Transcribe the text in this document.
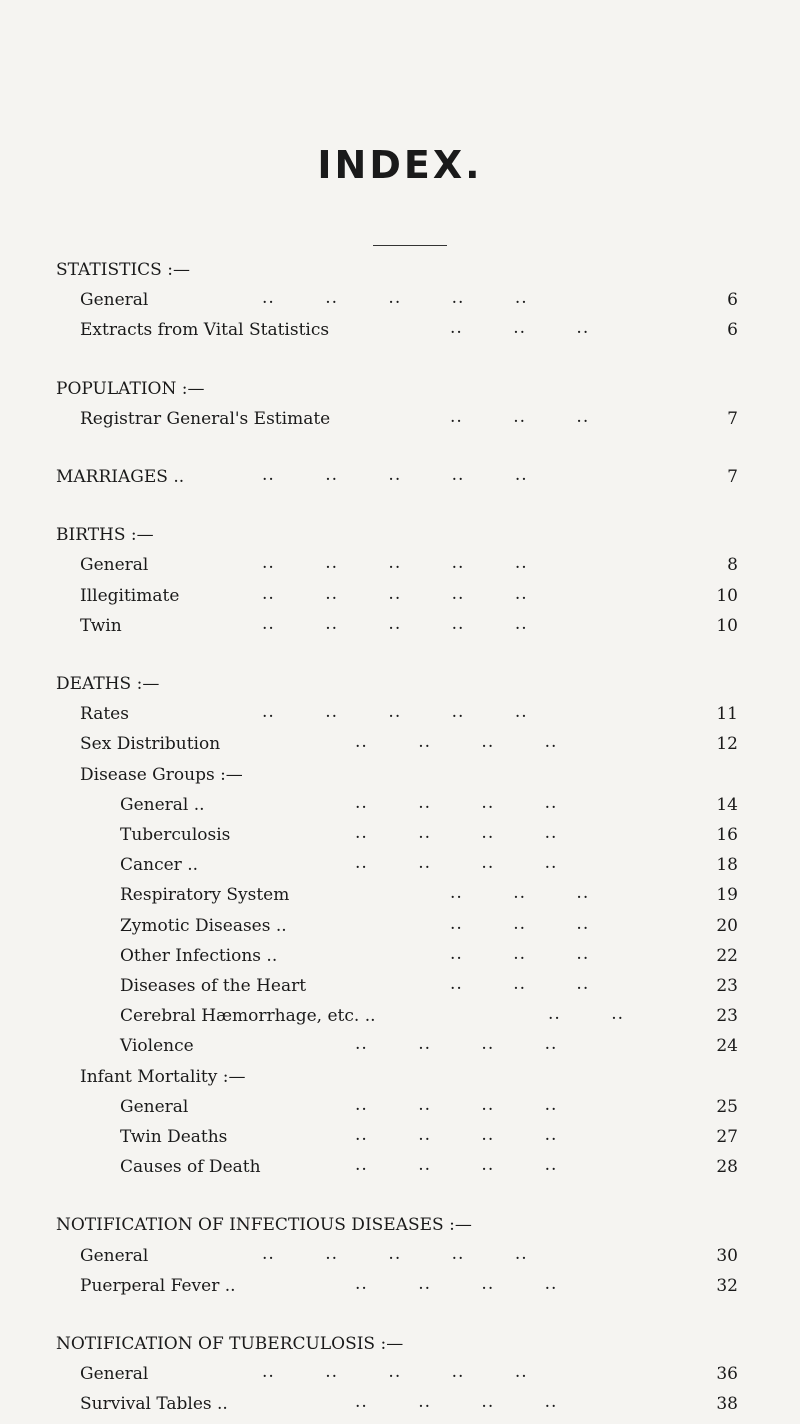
INDEX.
STATISTICS :—
General	.. .. .. .. ..	6
Extracts from Vital Statistics	.. .. ..	6
POPULATION :—
Registrar General's Estimate	.. .. ..	7
MARRIAGES ..	.. .. .. .. ..	7
BIRTHS :—
General	.. .. .. .. ..	8
Illegitimate	.. .. .. .. ..	10
Twin	.. .. .. .. ..	10
DEATHS :—
Rates	.. .. .. .. ..	11
Sex Distribution	.. .. .. ..	12
Disease Groups :—
General ..	.. .. .. ..	14
Tuberculosis	.. .. .. ..	16
Cancer ..	.. .. .. ..	18
Respiratory System	.. .. ..	19
Zymotic Diseases ..	.. .. ..	20
Other Infections ..	.. .. ..	22
Diseases of the Heart	.. .. ..	23
Cerebral Hæmorrhage, etc. ..	.. ..	23
Violence	.. .. .. ..	24
Infant Mortality :—
General	.. .. .. ..	25
Twin Deaths	.. .. .. ..	27
Causes of Death	.. .. .. ..	28
NOTIFICATION OF INFECTIOUS DISEASES :—
General	.. .. .. .. ..	30
Puerperal Fever ..	.. .. .. ..	32
NOTIFICATION OF TUBERCULOSIS :—
General	.. .. .. .. ..	36
Survival Tables ..	.. .. .. ..	38
